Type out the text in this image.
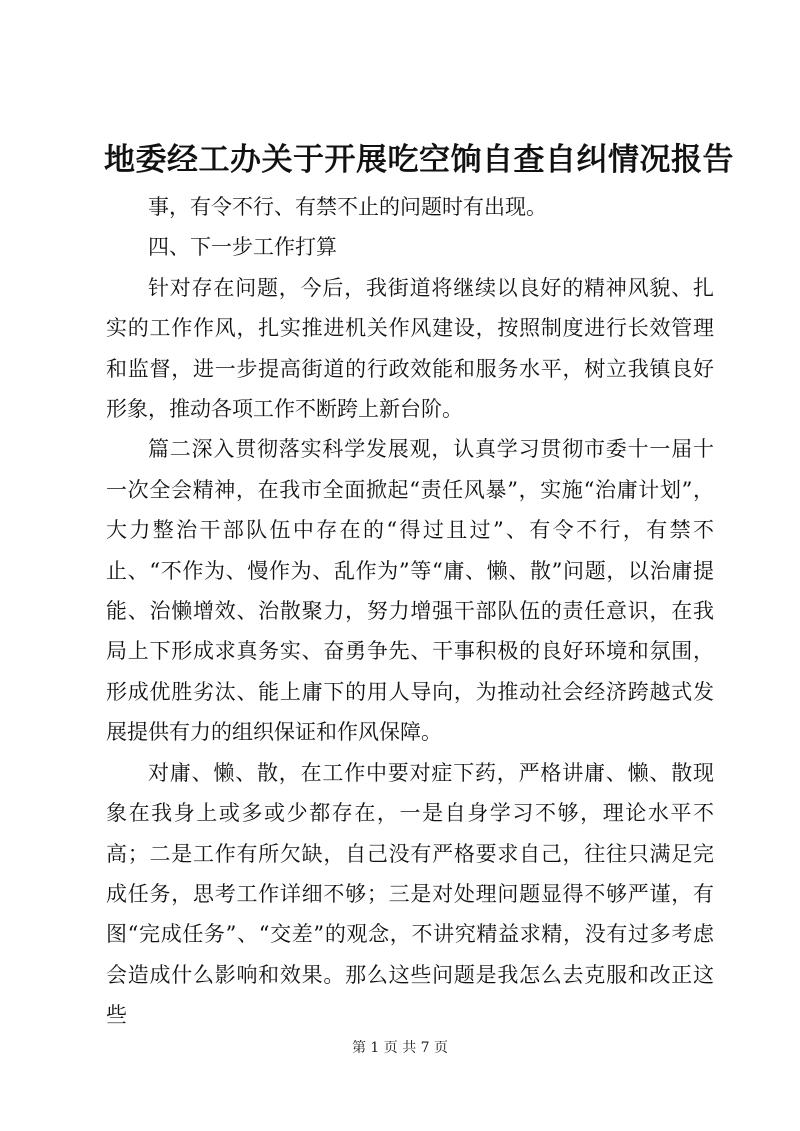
地委经工办关于开展吃空饷自查自纠情况报告

事，有令不行、有禁不止的问题时有出现。

四、下一步工作打算

针对存在问题，今后，我街道将继续以良好的精神风貌、扎实的工作作风，扎实推进机关作风建设，按照制度进行长效管理和监督，进一步提高街道的行政效能和服务水平，树立我镇良好形象，推动各项工作不断跨上新台阶。

篇二深入贯彻落实科学发展观，认真学习贯彻市委十一届十一次全会精神，在我市全面掀起“责任风暴”，实施“治庸计划”，大力整治干部队伍中存在的“得过且过”、有令不行，有禁不止、“不作为、慢作为、乱作为”等“庸、懒、散”问题，以治庸提能、治懒增效、治散聚力，努力增强干部队伍的责任意识，在我局上下形成求真务实、奋勇争先、干事积极的良好环境和氛围，形成优胜劣汰、能上庸下的用人导向，为推动社会经济跨越式发展提供有力的组织保证和作风保障。

对庸、懒、散，在工作中要对症下药，严格讲庸、懒、散现象在我身上或多或少都存在，一是自身学习不够，理论水平不高；二是工作有所欠缺，自己没有严格要求自己，往往只满足完成任务，思考工作详细不够；三是对处理问题显得不够严谨，有图“完成任务”、“交差”的观念，不讲究精益求精，没有过多考虑会造成什么影响和效果。那么这些问题是我怎么去克服和改正这些

第 1 页 共 7 页
